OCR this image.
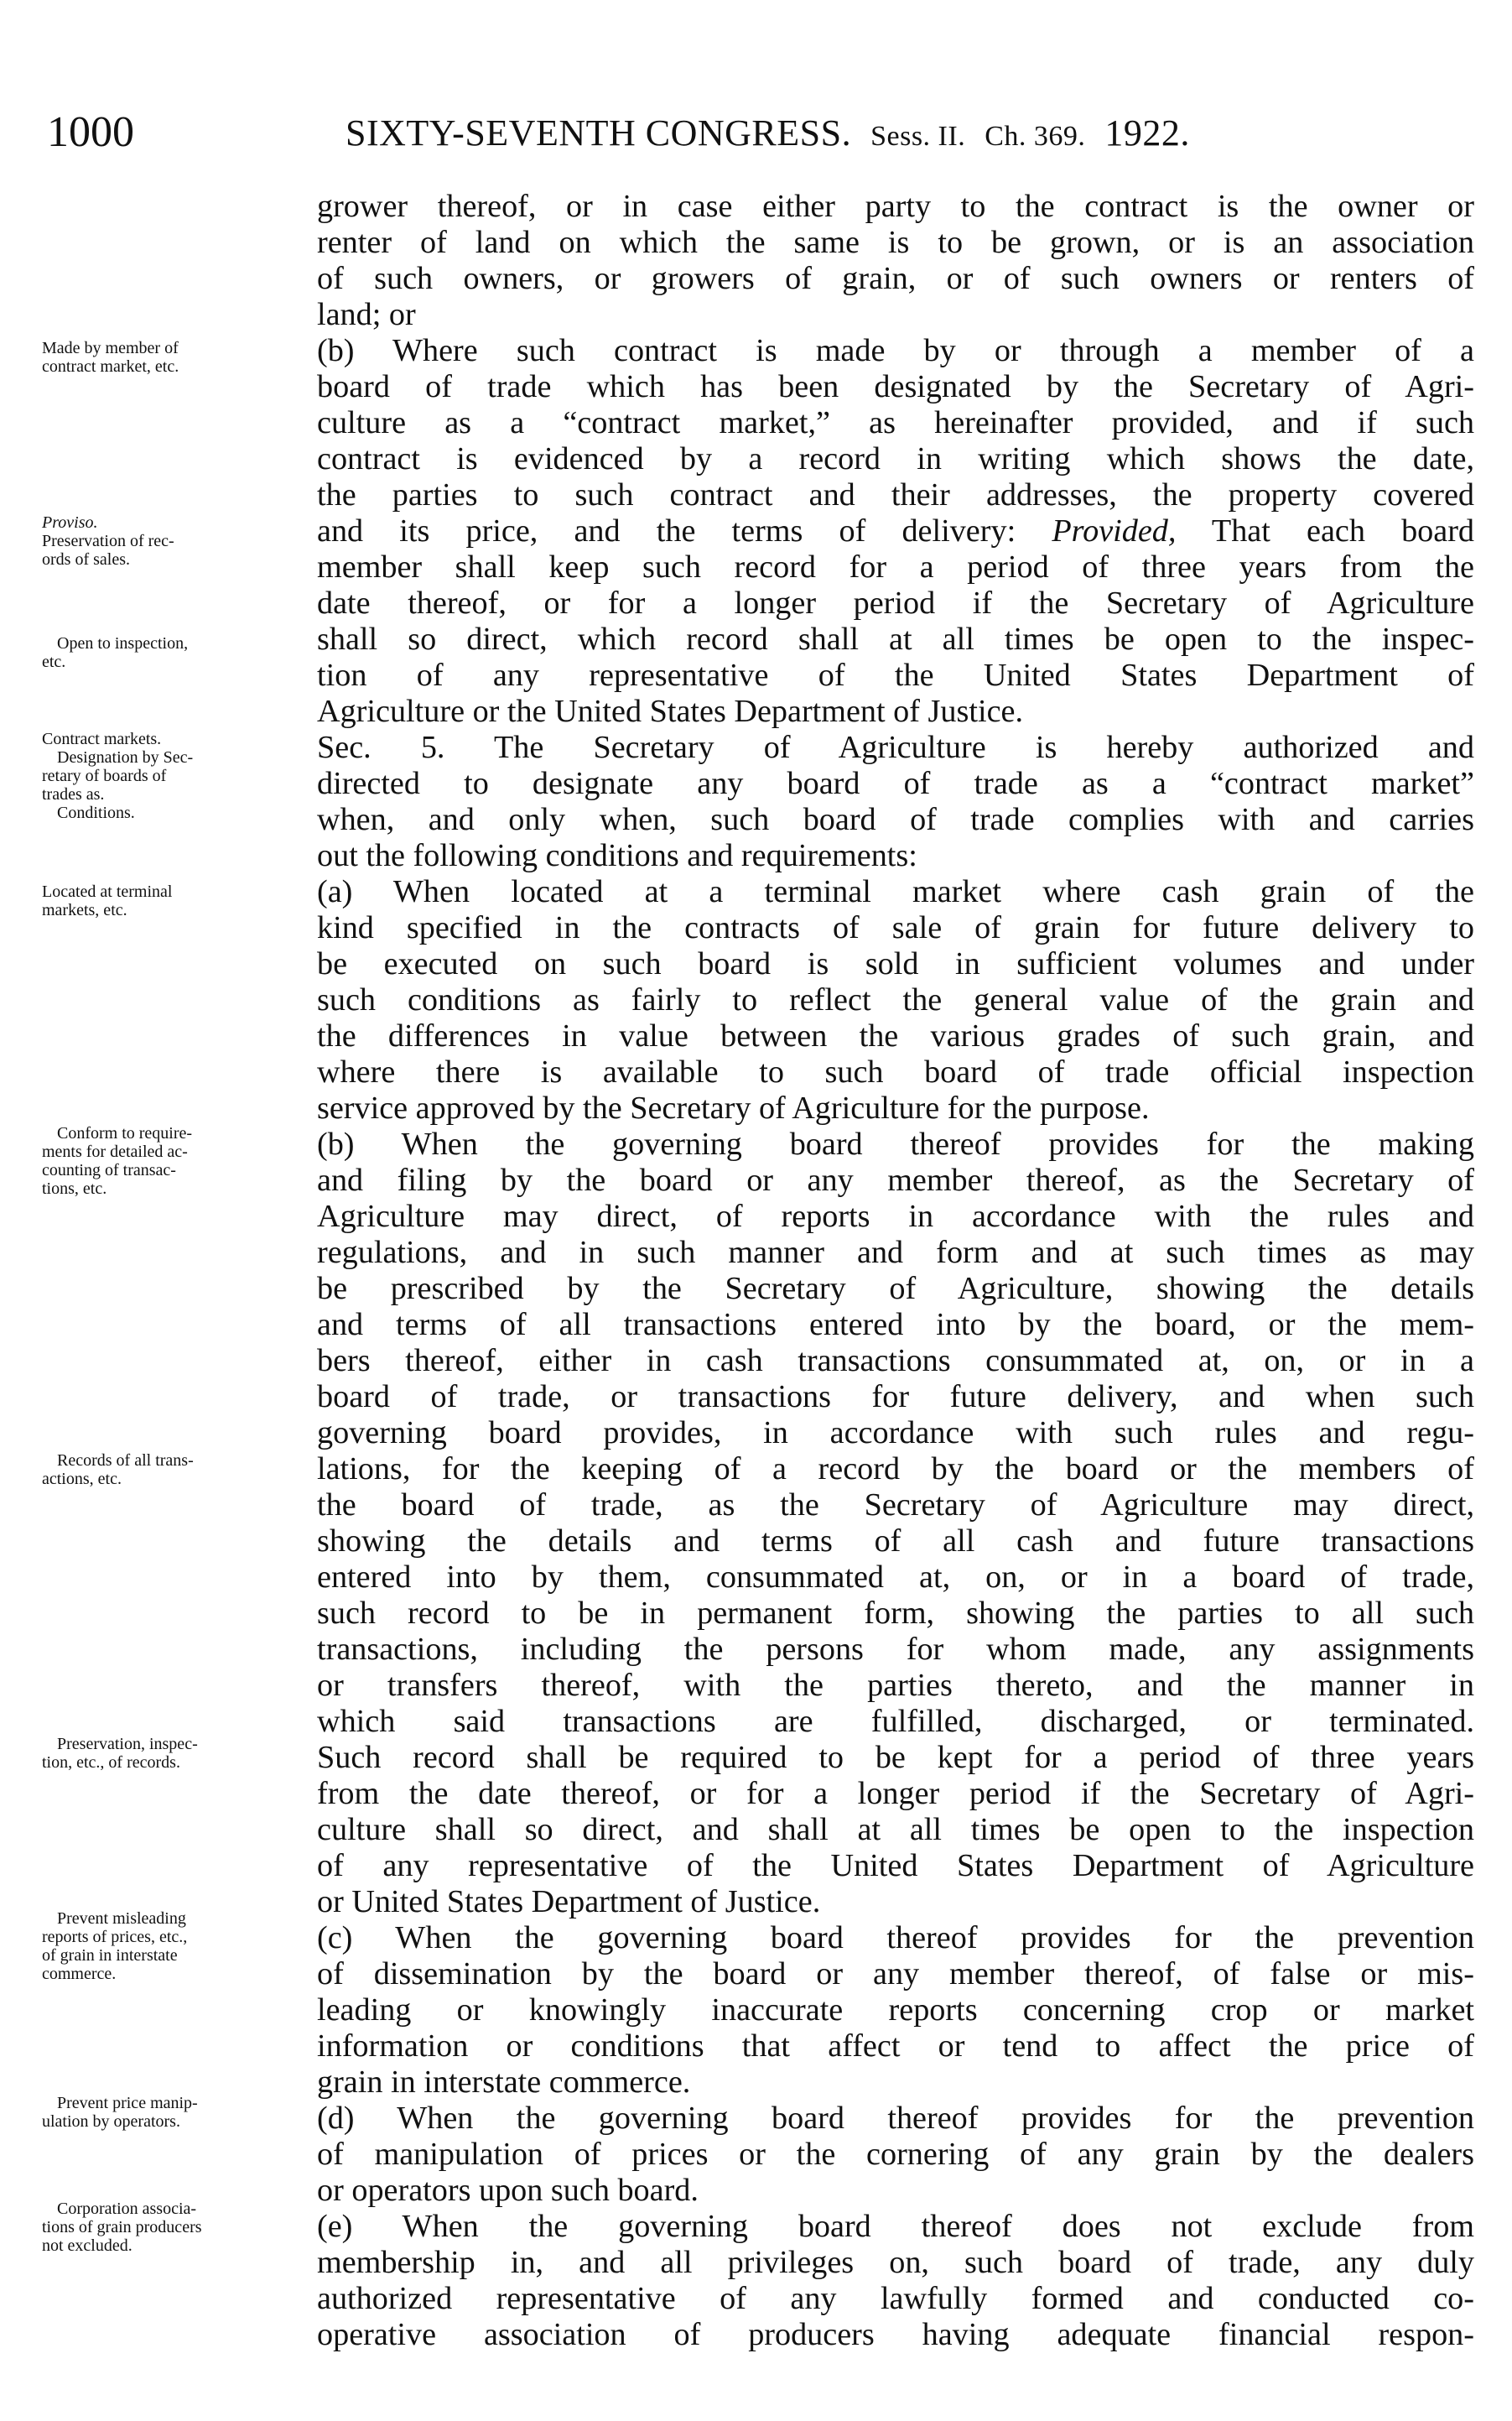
1000	SIXTY-SEVENTH CONGRESS. Sess. II. Ch. 369. 1922.
Made by member of
contract market, etc.
Proviso.
Preservation of rec-
ords of sales.
Open to inspection,
etc.
Contract markets.
Designation by Sec-
retary of boards of
trades as.
Conditions.
Located at terminal
markets, etc.
Conform to require-
ments for detailed ac-
counting of transac-
tions, etc.
Records of all trans-
actions, etc.
Preservation, inspec-
tion, etc., of records.
Prevent misleading
reports of prices, etc.,
of grain in interstate
commerce.
Prevent price manip-
ulation by operators.
Corporation associa-
tions of grain producers
not excluded.
grower thereof, or in case either party to the contract is the owner or
renter of land on which the same is to be grown, or is an association
of such owners, or growers of grain, or of such owners or renters of
land; or
(b) Where such contract is made by or through a member of a
board of trade which has been designated by the Secretary of Agri-
culture as a “contract market,” as hereinafter provided, and if such
contract is evidenced by a record in writing which shows the date,
the parties to such contract and their addresses, the property covered
and its price, and the terms of delivery: Provided, That each board
member shall keep such record for a period of three years from the
date thereof, or for a longer period if the Secretary of Agriculture
shall so direct, which record shall at all times be open to the inspec-
tion of any representative of the United States Department of
Agriculture or the United States Department of Justice.
Sec. 5. The Secretary of Agriculture is hereby authorized and
directed to designate any board of trade as a “contract market”
when, and only when, such board of trade complies with and carries
out the following conditions and requirements:
(a) When located at a terminal market where cash grain of the
kind specified in the contracts of sale of grain for future delivery to
be executed on such board is sold in sufficient volumes and under
such conditions as fairly to reflect the general value of the grain and
the differences in value between the various grades of such grain, and
where there is available to such board of trade official inspection
service approved by the Secretary of Agriculture for the purpose.
(b) When the governing board thereof provides for the making
and filing by the board or any member thereof, as the Secretary of
Agriculture may direct, of reports in accordance with the rules and
regulations, and in such manner and form and at such times as may
be prescribed by the Secretary of Agriculture, showing the details
and terms of all transactions entered into by the board, or the mem-
bers thereof, either in cash transactions consummated at, on, or in a
board of trade, or transactions for future delivery, and when such
governing board provides, in accordance with such rules and regu-
lations, for the keeping of a record by the board or the members of
the board of trade, as the Secretary of Agriculture may direct,
showing the details and terms of all cash and future transactions
entered into by them, consummated at, on, or in a board of trade,
such record to be in permanent form, showing the parties to all such
transactions, including the persons for whom made, any assignments
or transfers thereof, with the parties thereto, and the manner in
which said transactions are fulfilled, discharged, or terminated.
Such record shall be required to be kept for a period of three years
from the date thereof, or for a longer period if the Secretary of Agri-
culture shall so direct, and shall at all times be open to the inspection
of any representative of the United States Department of Agriculture
or United States Department of Justice.
(c) When the governing board thereof provides for the prevention
of dissemination by the board or any member thereof, of false or mis-
leading or knowingly inaccurate reports concerning crop or market
information or conditions that affect or tend to affect the price of
grain in interstate commerce.
(d) When the governing board thereof provides for the prevention
of manipulation of prices or the cornering of any grain by the dealers
or operators upon such board.
(e) When the governing board thereof does not exclude from
membership in, and all privileges on, such board of trade, any duly
authorized representative of any lawfully formed and conducted co-
operative association of producers having adequate financial respon-
